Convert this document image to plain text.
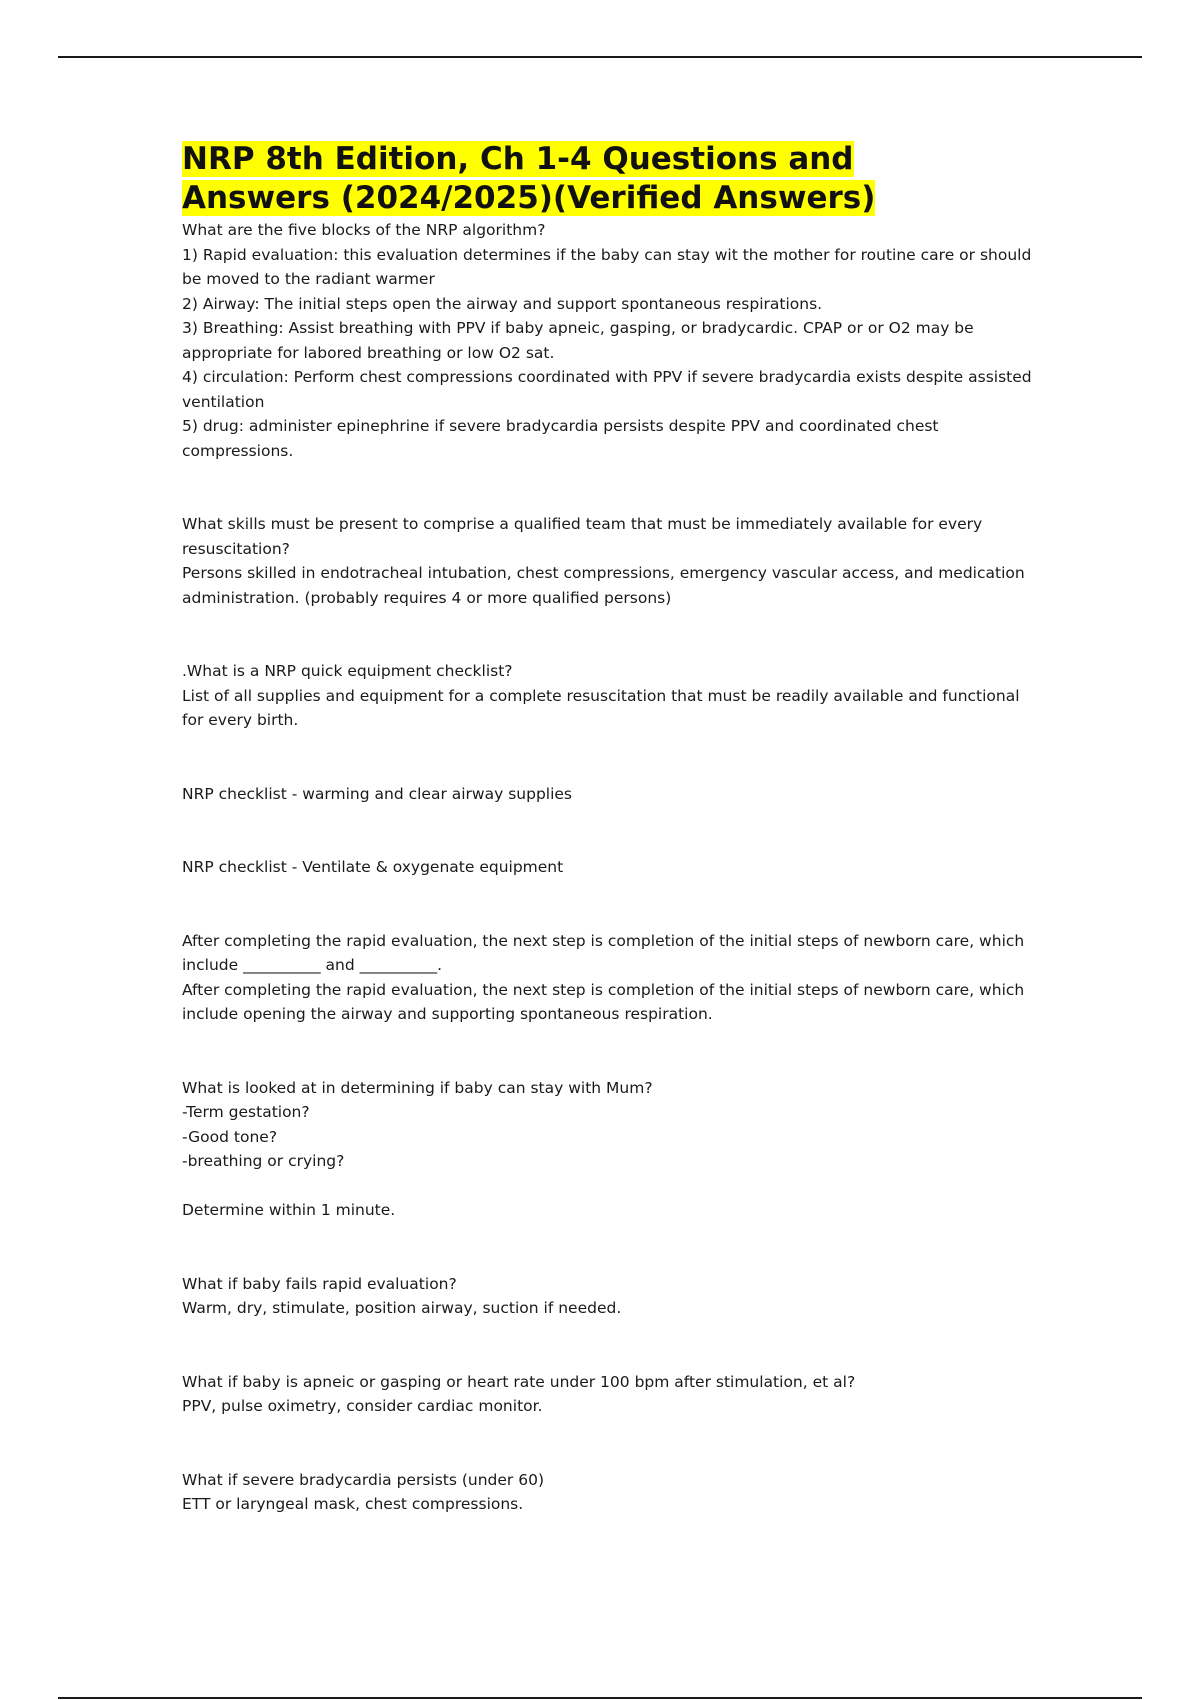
NRP 8th Edition, Ch 1-4 Questions and
Answers (2024/2025)(Verified Answers)

What are the five blocks of the NRP algorithm?

1) Rapid evaluation: this evaluation determines if the baby can stay wit the mother for routine care or should be moved to the radiant warmer

2) Airway: The initial steps open the airway and support spontaneous respirations.

3) Breathing: Assist breathing with PPV if baby apneic, gasping, or bradycardic. CPAP or or O2 may be appropriate for labored breathing or low O2 sat.

4) circulation: Perform chest compressions coordinated with PPV if severe bradycardia exists despite assisted ventilation

5) drug: administer epinephrine if severe bradycardia persists despite PPV and coordinated chest compressions.

What skills must be present to comprise a qualified team that must be immediately available for every resuscitation?

Persons skilled in endotracheal intubation, chest compressions, emergency vascular access, and medication administration. (probably requires 4 or more qualified persons)

.What is a NRP quick equipment checklist?

List of all supplies and equipment for a complete resuscitation that must be readily available and functional for every birth.

NRP checklist - warming and clear airway supplies

NRP checklist - Ventilate & oxygenate equipment

After completing the rapid evaluation, the next step is completion of the initial steps of newborn care, which include __________ and __________.

After completing the rapid evaluation, the next step is completion of the initial steps of newborn care, which include opening the airway and supporting spontaneous respiration.

What is looked at in determining if baby can stay with Mum?

-Term gestation?

-Good tone?

-breathing or crying?

Determine within 1 minute.

What if baby fails rapid evaluation?

Warm, dry, stimulate, position airway, suction if needed.

What if baby is apneic or gasping or heart rate under 100 bpm after stimulation, et al?

PPV, pulse oximetry, consider cardiac monitor.

What if severe bradycardia persists (under 60)

ETT or laryngeal mask, chest compressions.
